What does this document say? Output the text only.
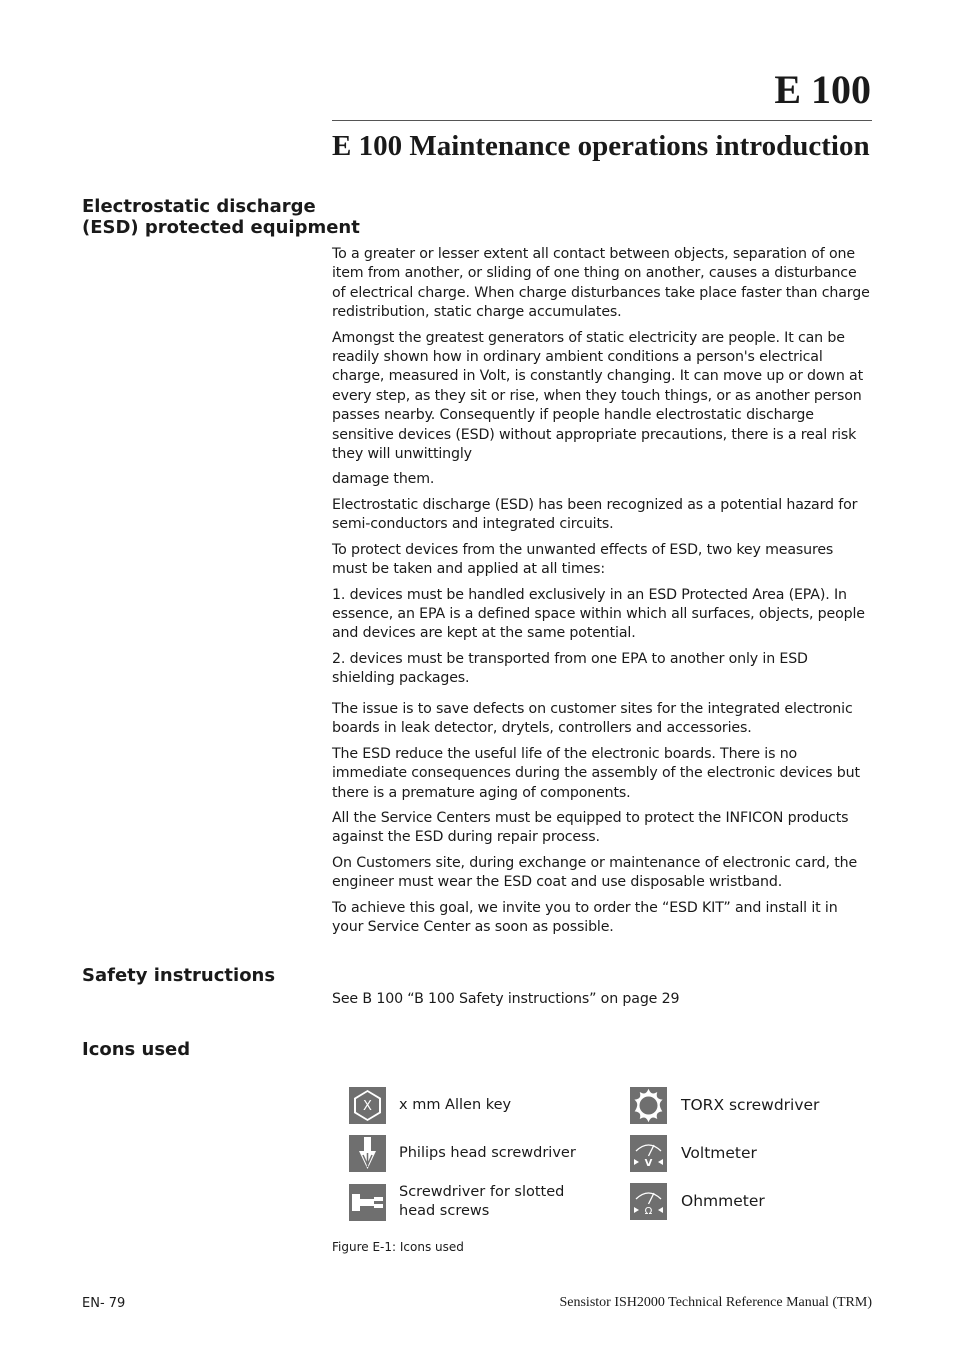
E 100
E 100 Maintenance operations introduction
Electrostatic discharge
(ESD) protected equipment

To a greater or lesser extent all contact between objects, separation of one item from another, or sliding of one thing on another, causes a disturbance of electrical charge. When charge disturbances take place faster than charge redistribution, static charge accumulates.

Amongst the greatest generators of static electricity are people. It can be readily shown how in ordinary ambient conditions a person's electrical charge, measured in Volt, is constantly changing. It can move up or down at every step, as they sit or rise, when they touch things, or as another person passes nearby. Consequently if people handle electrostatic discharge sensitive devices (ESD) without appropriate precautions, there is a real risk they will unwittingly

damage them.

Electrostatic discharge (ESD) has been recognized as a potential hazard for semi-conductors and integrated circuits.

To protect devices from the unwanted effects of ESD, two key measures must be taken and applied at all times:

1. devices must be handled exclusively in an ESD Protected Area (EPA). In essence, an EPA is a defined space within which all surfaces, objects, people and devices are kept at the same potential.

2. devices must be transported from one EPA to another only in ESD shielding packages.

The issue is to save defects on customer sites for the integrated electronic boards in leak detector, drytels, controllers and accessories.

The ESD reduce the useful life of the electronic boards. There is no immediate consequences during the assembly of the electronic devices but there is a premature aging of components.

All the Service Centers must be equipped to protect the INFICON products against the ESD during repair process.

On Customers site, during exchange or maintenance of electronic card, the engineer must wear the ESD coat and use disposable wristband.

To achieve this goal, we invite you to order the “ESD KIT” and install it in your Service Center as soon as possible.

Safety instructions

See B 100 “B 100 Safety instructions” on page 29

Icons used
X x mm Allen key
Philips head screwdriver
Screwdriver for slotted head screws
TORX screwdriver
V
Voltmeter
Ω
Ohmmeter
Figure E-1: Icons used
EN- 79	Sensistor ISH2000 Technical Reference Manual (TRM)
